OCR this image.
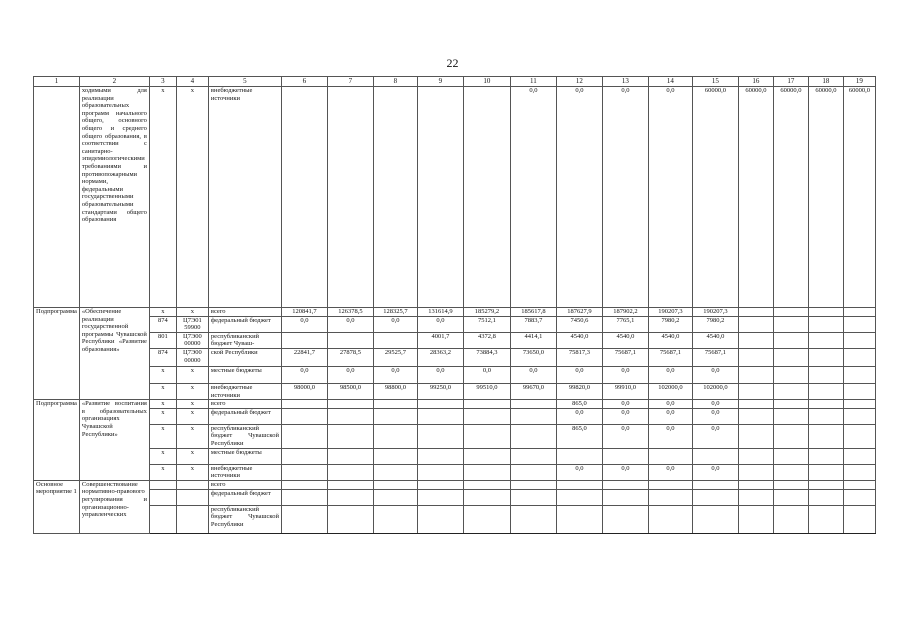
22
1	2	3	4	5	6	7	8	9	10	11	12	13	14	15	16	17	18	19
	ходимыми для реализации образовательных программ начального общего, основного общего и среднего общего образования, в соответствии с санитарно-эпидемиологическими требованиями и противопожарными нормами, федеральными государственными образовательными стандартами общего образования	x	x	внебюджетные источники						0,0	0,0	0,0	0,0	60000,0	60000,0	60000,0	60000,0	60000,0
Подпрограмма	«Обеспечение реализации государственной программы Чувашской Республики «Развитие образования»	x	x	всего	120841,7	126378,5	128325,7	131614,9	185279,2	185617,8	187627,9	187902,2	190207,3	190207,3				
		874	Ц7Э01 59900	федеральный бюджет	0,0	0,0	0,0	0,0	7512,1	7883,7	7450,6	7765,1	7980,2	7980,2				
		801	Ц7Э00 00000	республиканский бюджет Чуваш-				4001,7	4372,8	4414,1	4540,0	4540,0	4540,0	4540,0				
		874	Ц7Э00 00000	ской Республики	22841,7	27878,5	29525,7	28363,2	73884,3	73650,0	75817,3	75687,1	75687,1	75687,1				
		x	x	местные бюджеты	0,0	0,0	0,0	0,0	0,0	0,0	0,0	0,0	0,0	0,0				
		x	x	внебюджетные источники	98000,0	98500,0	98800,0	99250,0	99510,0	99670,0	99820,0	99910,0	102000,0	102000,0				
Подпрограмма	«Развитие воспитания в образовательных организациях Чувашской Республики»	x	x	всего							865,0	0,0	0,0	0,0				
		x	x	федеральный бюджет							0,0	0,0	0,0	0,0				
		x	x	республиканский бюджет Чувашской Республики							865,0	0,0	0,0	0,0				
		x	x	местные бюджеты														
		x	x	внебюджетные источники							0,0	0,0	0,0	0,0				
Основное мероприятие 1	Совершенствование нормативно-правового регулирования и организационно-управленческих			всего														
				федеральный бюджет														
				республиканский бюджет Чувашской Республики														
